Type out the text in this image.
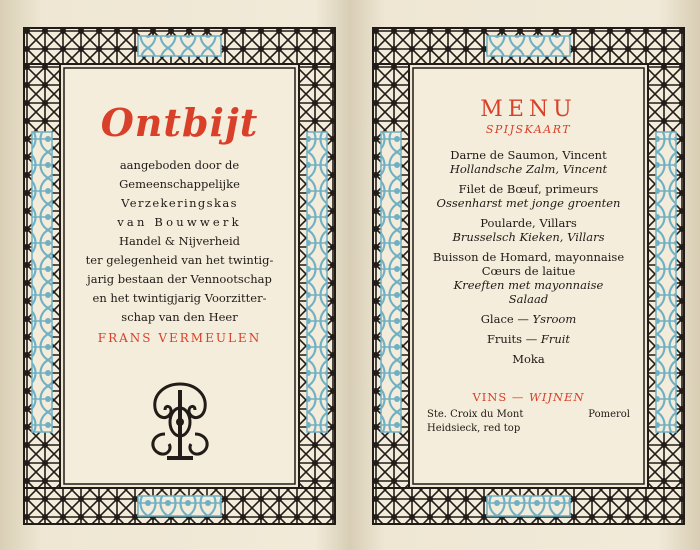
Ontbijt

aangeboden door de

Gemeenschappelijke

Verzekeringskas

van Bouwwerk

Handel & Nijverheid

ter gelegenheid van het twintig-

jarig bestaan der Vennootschap

en het twintigjarig Voorzitter-

schap van den Heer

FRANS VERMEULEN

MENU

SPIJSKAART

Darne de Saumon, Vincent
Hollandsche Zalm, Vincent
Filet de Bœuf, primeurs
Ossenharst met jonge groenten
Poularde, Villars
Brusselsch Kieken, Villars
Buisson de Homard, mayonnaise
Cœurs de laitue
Kreeften met mayonnaise
Salaad
Glace — Ysroom
Fruits — Fruit
Moka

VINS — WIJNEN

Ste. Croix du Mont	Pomerol
Heidsieck, red top
